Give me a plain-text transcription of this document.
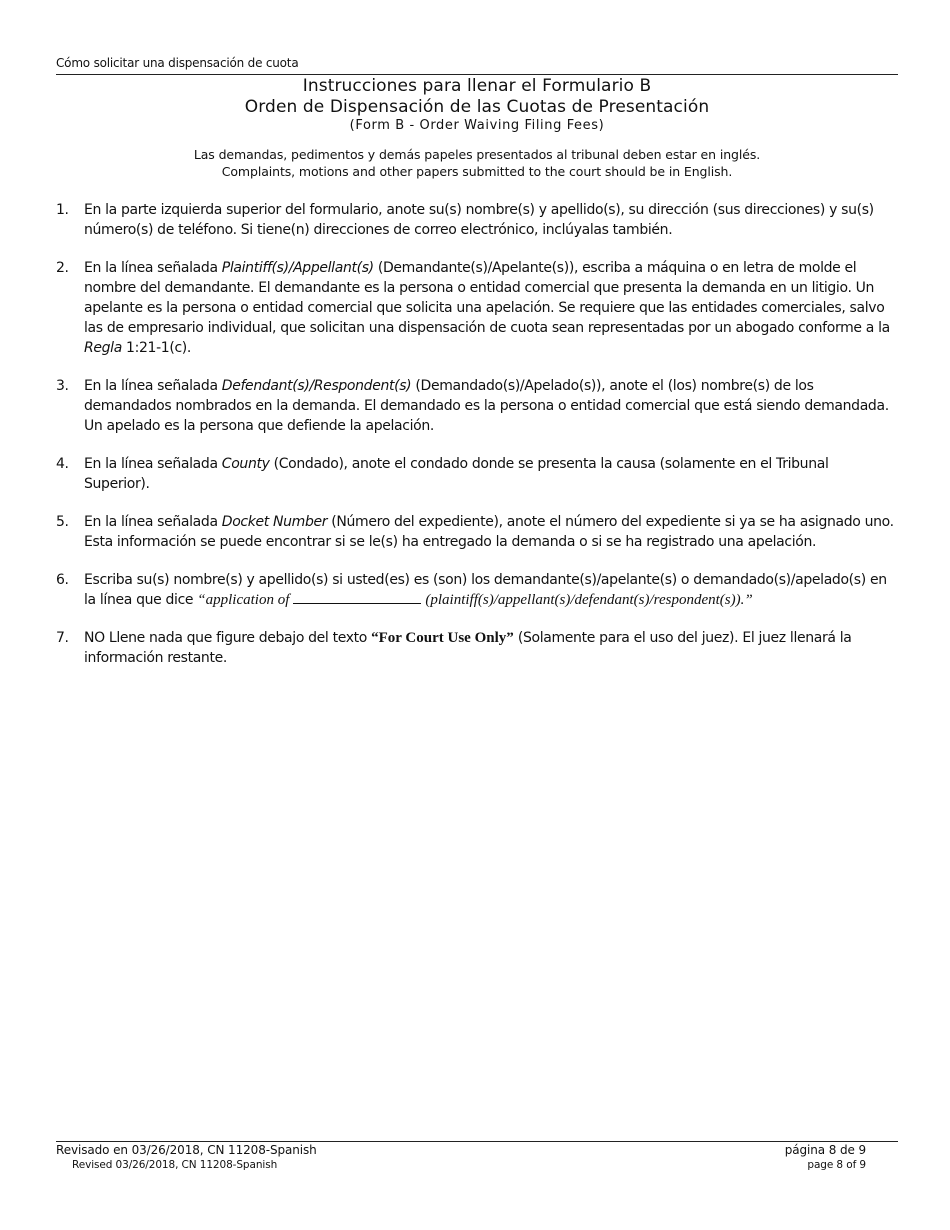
Cómo solicitar una dispensación de cuota
Instrucciones para llenar el Formulario B
Orden de Dispensación de las Cuotas de Presentación
(Form B - Order Waiving Filing Fees)
Las demandas, pedimentos y demás papeles presentados al tribunal deben estar en inglés.
Complaints, motions and other papers submitted to the court should be in English.
1. En la parte izquierda superior del formulario, anote su(s) nombre(s) y apellido(s), su dirección (sus direcciones) y su(s) número(s) de teléfono. Si tiene(n) direcciones de correo electrónico, inclúyalas también.
2. En la línea señalada Plaintiff(s)/Appellant(s) (Demandante(s)/Apelante(s)), escriba a máquina o en letra de molde el nombre del demandante. El demandante es la persona o entidad comercial que presenta la demanda en un litigio. Un apelante es la persona o entidad comercial que solicita una apelación. Se requiere que las entidades comerciales, salvo las de empresario individual, que solicitan una dispensación de cuota sean representadas por un abogado conforme a la Regla 1:21-1(c).
3. En la línea señalada Defendant(s)/Respondent(s) (Demandado(s)/Apelado(s)), anote el (los) nombre(s) de los demandados nombrados en la demanda. El demandado es la persona o entidad comercial que está siendo demandada. Un apelado es la persona que defiende la apelación.
4. En la línea señalada County (Condado), anote el condado donde se presenta la causa (solamente en el Tribunal Superior).
5. En la línea señalada Docket Number (Número del expediente), anote el número del expediente si ya se ha asignado uno. Esta información se puede encontrar si se le(s) ha entregado la demanda o si se ha registrado una apelación.
6. Escriba su(s) nombre(s) y apellido(s) si usted(es) es (son) los demandante(s)/apelante(s) o demandado(s)/apelado(s) en la línea que dice “application of	(plaintiff(s)/appellant(s)/defendant(s)/respondent(s)).”
7. NO Llene nada que figure debajo del texto “For Court Use Only” (Solamente para el uso del juez). El juez llenará la información restante.
Revisado en 03/26/2018, CN 11208-Spanish
Revised 03/26/2018, CN 11208-Spanish
página 8 de 9
page 8 of 9
